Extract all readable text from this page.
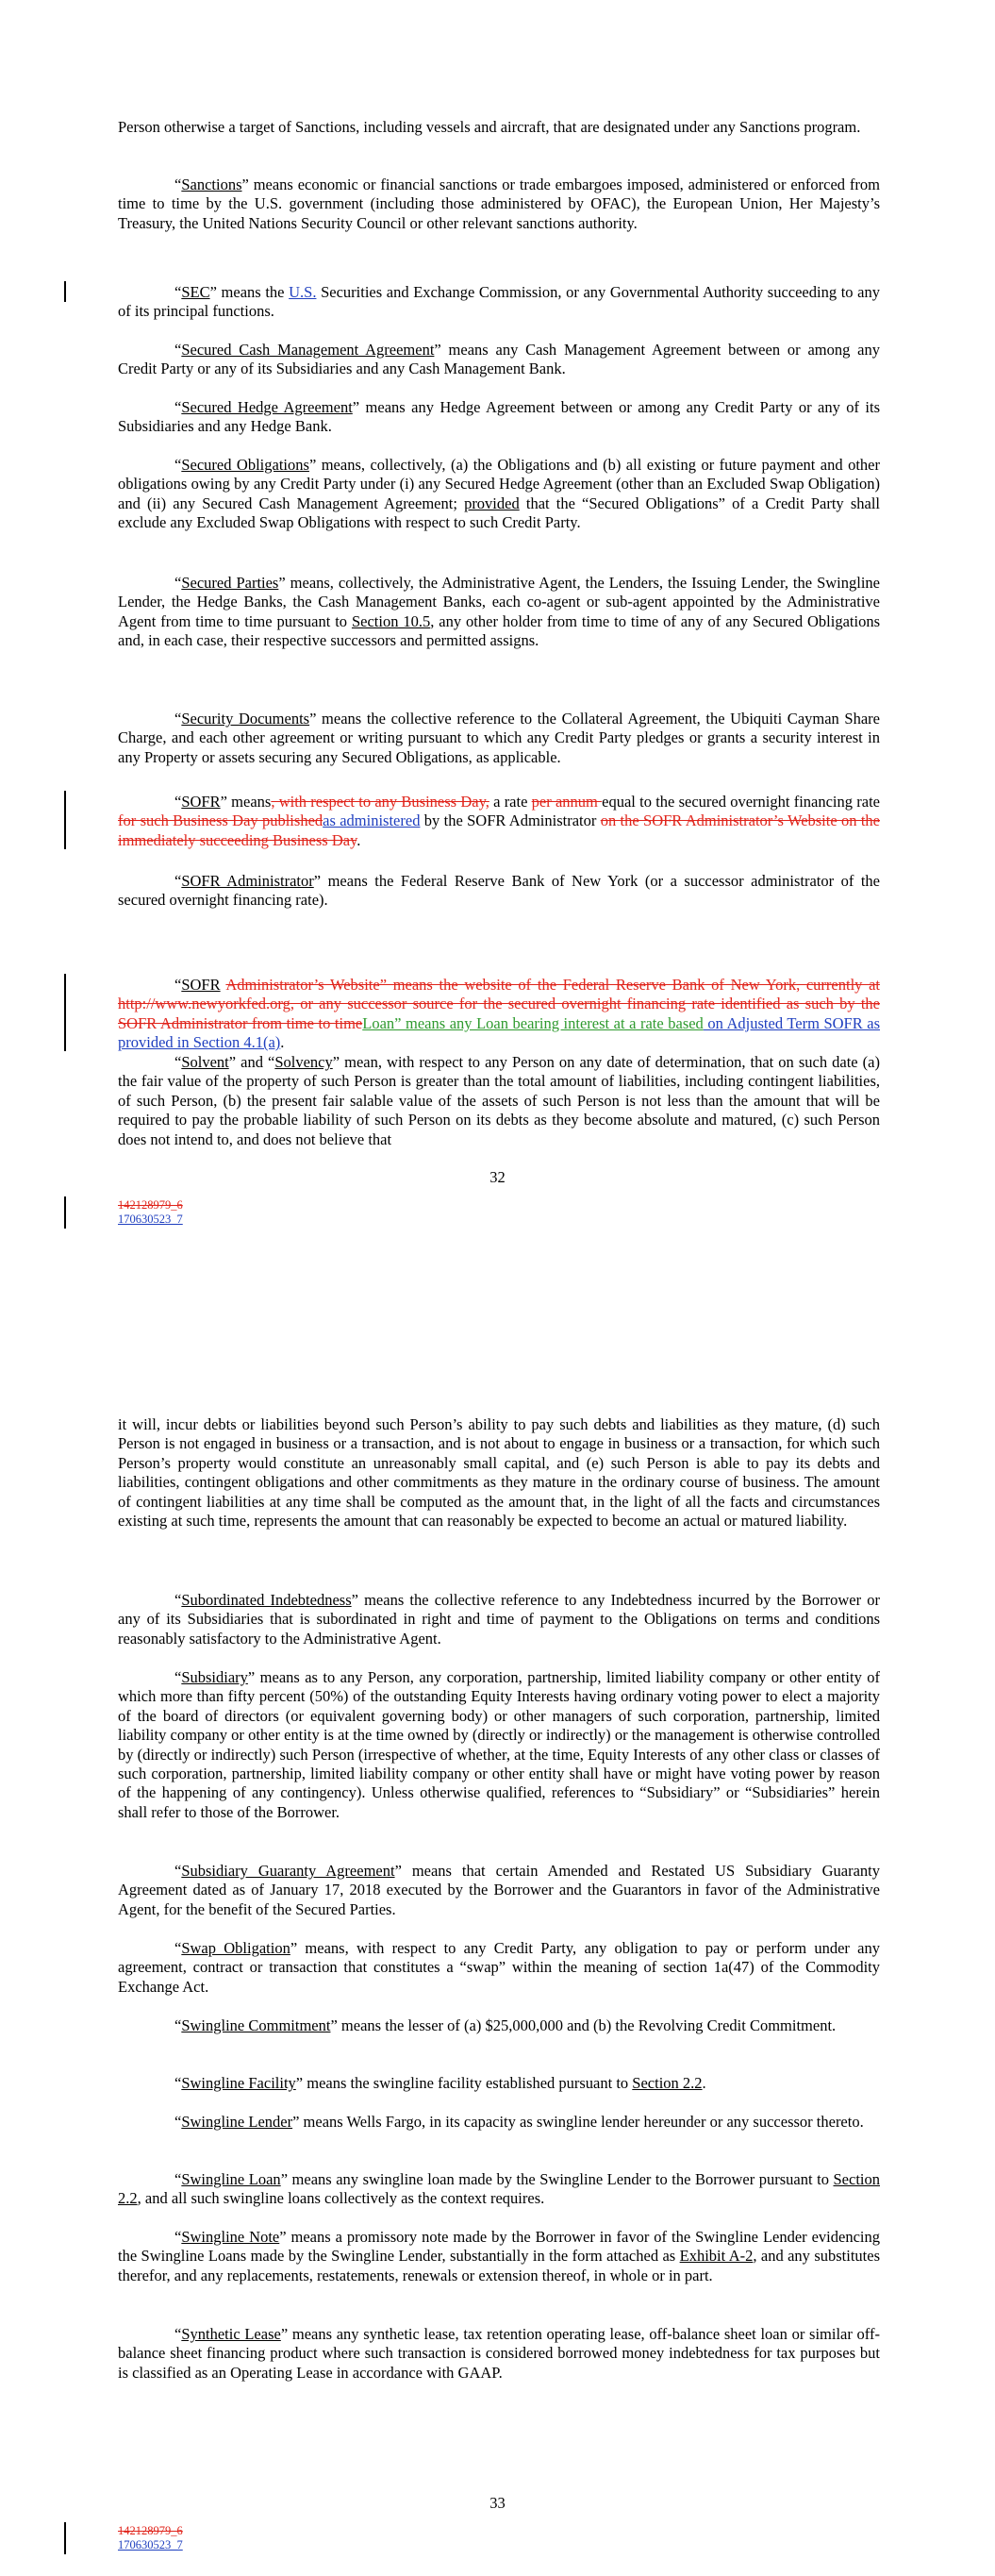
Person otherwise a target of Sanctions, including vessels and aircraft, that are designated under any Sanctions program.

“Sanctions” means economic or financial sanctions or trade embargoes imposed, administered or enforced from time to time by the U.S. government (including those administered by OFAC), the European Union, Her Majesty’s Treasury, the United Nations Security Council or other relevant sanctions authority.

“SEC” means the U.S. Securities and Exchange Commission, or any Governmental Authority succeeding to any of its principal functions.

“Secured Cash Management Agreement” means any Cash Management Agreement between or among any Credit Party or any of its Subsidiaries and any Cash Management Bank.

“Secured Hedge Agreement” means any Hedge Agreement between or among any Credit Party or any of its Subsidiaries and any Hedge Bank.

“Secured Obligations” means, collectively, (a) the Obligations and (b) all existing or future payment and other obligations owing by any Credit Party under (i) any Secured Hedge Agreement (other than an Excluded Swap Obligation) and (ii) any Secured Cash Management Agreement; provided that the “Secured Obligations” of a Credit Party shall exclude any Excluded Swap Obligations with respect to such Credit Party.

“Secured Parties” means, collectively, the Administrative Agent, the Lenders, the Issuing Lender, the Swingline Lender, the Hedge Banks, the Cash Management Banks, each co-agent or sub-agent appointed by the Administrative Agent from time to time pursuant to Section 10.5, any other holder from time to time of any of any Secured Obligations and, in each case, their respective successors and permitted assigns.

“Security Documents” means the collective reference to the Collateral Agreement, the Ubiquiti Cayman Share Charge, and each other agreement or writing pursuant to which any Credit Party pledges or grants a security interest in any Property or assets securing any Secured Obligations, as applicable.

“SOFR” means, with respect to any Business Day, a rate per annum equal to the secured overnight financing rate for such Business Day publishedas administered by the SOFR Administrator on the SOFR Administrator’s Website on the immediately succeeding Business Day.

“SOFR Administrator” means the Federal Reserve Bank of New York (or a successor administrator of the secured overnight financing rate).

“SOFR Administrator’s Website” means the website of the Federal Reserve Bank of New York, currently at http://www.newyorkfed.org, or any successor source for the secured overnight financing rate identified as such by the SOFR Administrator from time to timeLoan” means any Loan bearing interest at a rate based on Adjusted Term SOFR as provided in Section 4.1(a).

“Solvent” and “Solvency” mean, with respect to any Person on any date of determination, that on such date (a) the fair value of the property of such Person is greater than the total amount of liabilities, including contingent liabilities, of such Person, (b) the present fair salable value of the assets of such Person is not less than the amount that will be required to pay the probable liability of such Person on its debts as they become absolute and matured, (c) such Person does not intend to, and does not believe that

32
142128979_6
170630523_7

it will, incur debts or liabilities beyond such Person’s ability to pay such debts and liabilities as they mature, (d) such Person is not engaged in business or a transaction, and is not about to engage in business or a transaction, for which such Person’s property would constitute an unreasonably small capital, and (e) such Person is able to pay its debts and liabilities, contingent obligations and other commitments as they mature in the ordinary course of business. The amount of contingent liabilities at any time shall be computed as the amount that, in the light of all the facts and circumstances existing at such time, represents the amount that can reasonably be expected to become an actual or matured liability.

“Subordinated Indebtedness” means the collective reference to any Indebtedness incurred by the Borrower or any of its Subsidiaries that is subordinated in right and time of payment to the Obligations on terms and conditions reasonably satisfactory to the Administrative Agent.

“Subsidiary” means as to any Person, any corporation, partnership, limited liability company or other entity of which more than fifty percent (50%) of the outstanding Equity Interests having ordinary voting power to elect a majority of the board of directors (or equivalent governing body) or other managers of such corporation, partnership, limited liability company or other entity is at the time owned by (directly or indirectly) or the management is otherwise controlled by (directly or indirectly) such Person (irrespective of whether, at the time, Equity Interests of any other class or classes of such corporation, partnership, limited liability company or other entity shall have or might have voting power by reason of the happening of any contingency). Unless otherwise qualified, references to “Subsidiary” or “Subsidiaries” herein shall refer to those of the Borrower.

“Subsidiary Guaranty Agreement” means that certain Amended and Restated US Subsidiary Guaranty Agreement dated as of January 17, 2018 executed by the Borrower and the Guarantors in favor of the Administrative Agent, for the benefit of the Secured Parties.

“Swap Obligation” means, with respect to any Credit Party, any obligation to pay or perform under any agreement, contract or transaction that constitutes a “swap” within the meaning of section 1a(47) of the Commodity Exchange Act.

“Swingline Commitment” means the lesser of (a) $25,000,000 and (b) the Revolving Credit Commitment.

“Swingline Facility” means the swingline facility established pursuant to Section 2.2.

“Swingline Lender” means Wells Fargo, in its capacity as swingline lender hereunder or any successor thereto.

“Swingline Loan” means any swingline loan made by the Swingline Lender to the Borrower pursuant to Section 2.2, and all such swingline loans collectively as the context requires.

“Swingline Note” means a promissory note made by the Borrower in favor of the Swingline Lender evidencing the Swingline Loans made by the Swingline Lender, substantially in the form attached as Exhibit A-2, and any substitutes therefor, and any replacements, restatements, renewals or extension thereof, in whole or in part.

“Synthetic Lease” means any synthetic lease, tax retention operating lease, off-balance sheet loan or similar off-balance sheet financing product where such transaction is considered borrowed money indebtedness for tax purposes but is classified as an Operating Lease in accordance with GAAP.

33
142128979_6
170630523_7
